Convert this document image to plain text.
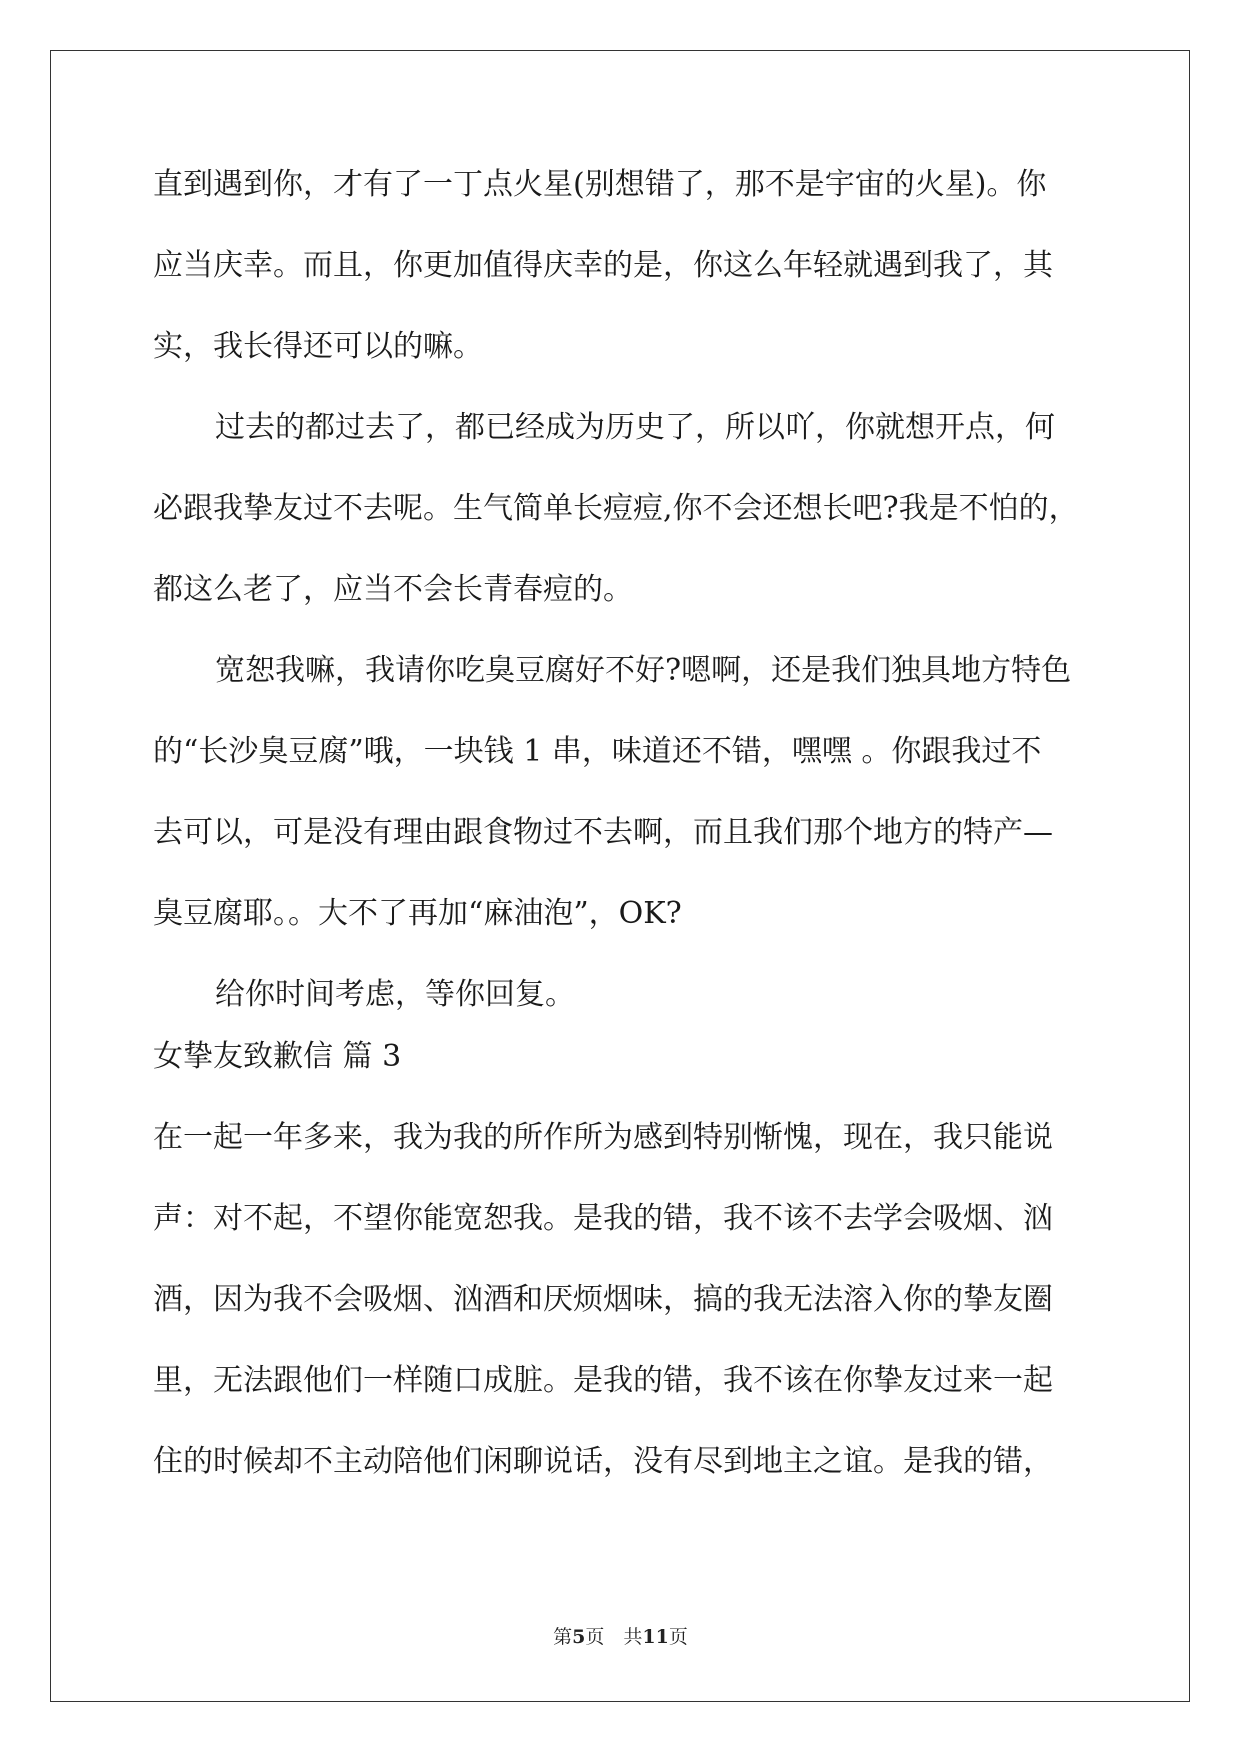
直到遇到你，才有了一丁点火星(别想错了，那不是宇宙的火星)。你
应当庆幸。而且，你更加值得庆幸的是，你这么年轻就遇到我了，其
实，我长得还可以的嘛。
过去的都过去了，都已经成为历史了，所以吖，你就想开点，何
必跟我挚友过不去呢。生气简单长痘痘,你不会还想长吧?我是不怕的，
都这么老了，应当不会长青春痘的。
宽恕我嘛，我请你吃臭豆腐好不好?嗯啊，还是我们独具地方特色
的“长沙臭豆腐”哦，一块钱 1 串，味道还不错，嘿嘿 。你跟我过不
去可以，可是没有理由跟食物过不去啊，而且我们那个地方的特产—
臭豆腐耶。。大不了再加“麻油泡”，OK?
给你时间考虑，等你回复。
女挚友致歉信 篇 3
在一起一年多来，我为我的所作所为感到特别惭愧，现在，我只能说
声：对不起，不望你能宽恕我。是我的错，我不该不去学会吸烟、汹
酒，因为我不会吸烟、汹酒和厌烦烟味，搞的我无法溶入你的挚友圈
里，无法跟他们一样随口成脏。是我的错，我不该在你挚友过来一起
住的时候却不主动陪他们闲聊说话，没有尽到地主之谊。是我的错，
第5页　共11页
